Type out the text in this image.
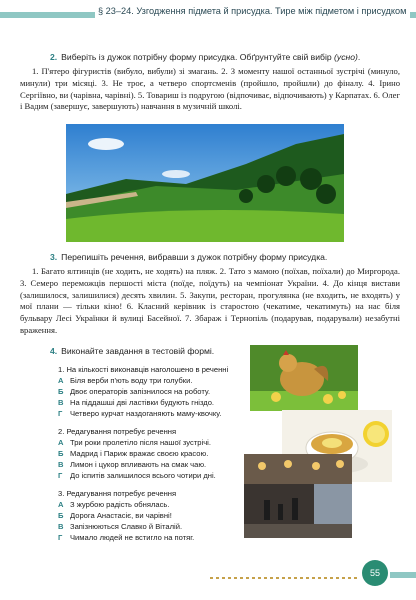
§ 23–24. Узгодження підмета й присудка. Тире між підметом і присудком
2. Виберіть із дужок потрібну форму присудка. Обґрунтуйте свій вибір (усно).
1. П'ятеро фігуристів (вибуло, вибули) зі змагань. 2. З моменту нашої останньої зустрічі (минуло, минули) три місяці. 3. Не троє, а четверо спортсменів (пройшло, пройшли) до фіналу. 4. Ірино Сергіївно, ви (чарівна, чарівні). 5. Товариш із подругою (відпочиває, відпочивають) у Карпатах. 6. Олег і Вадим (завершує, завершують) навчання в музичній школі.
3. Перепишіть речення, вибравши з дужок потрібну форму присудка.
1. Багато ялтинців (не ходить, не ходять) на пляж. 2. Тато з мамою (поїхав, поїхали) до Миргорода. 3. Семеро переможців першості міста (поїде, поїдуть) на чемпіонат України. 4. До кінця вистави (залишилося, залишилися) десять хвилин. 5. Закупи, ресторан, прогулянка (не входить, не входять) у мої плани — тільки кіно! 6. Класний керівник із старостою (чекатиме, чекатимуть) на нас біля бульвару Лесі Українки й вулиці Басейної. 7. Збараж і Тернопіль (подарував, подарували) незабутні враження.
4. Виконайте завдання в тестовій формі.
1. На кількості виконавців наголошено в реченні
А Біля верби п'ють воду три голубки.
Б Двоє операторів запізнилося на роботу.
В На піддашші дві ластівки будують гніздо.
Г	Четверо курчат наздоганяють маму-квочку.
2. Редагування потребує речення
А Три роки пролетіло після нашої зустрічі.
Б Мадрид і Париж вражає своєю красою.
В Лимон і цукор впливають на смак чаю.
Г	До іспитів залишилося всього чотири дні.
3. Редагування потребує речення
А З журбою радість обнялась.
Б Дорога Анастасіє, ви чарівні!
В Запізнюються Славко й Віталій.
Г	Чимало людей не встигло на потяг.
55
